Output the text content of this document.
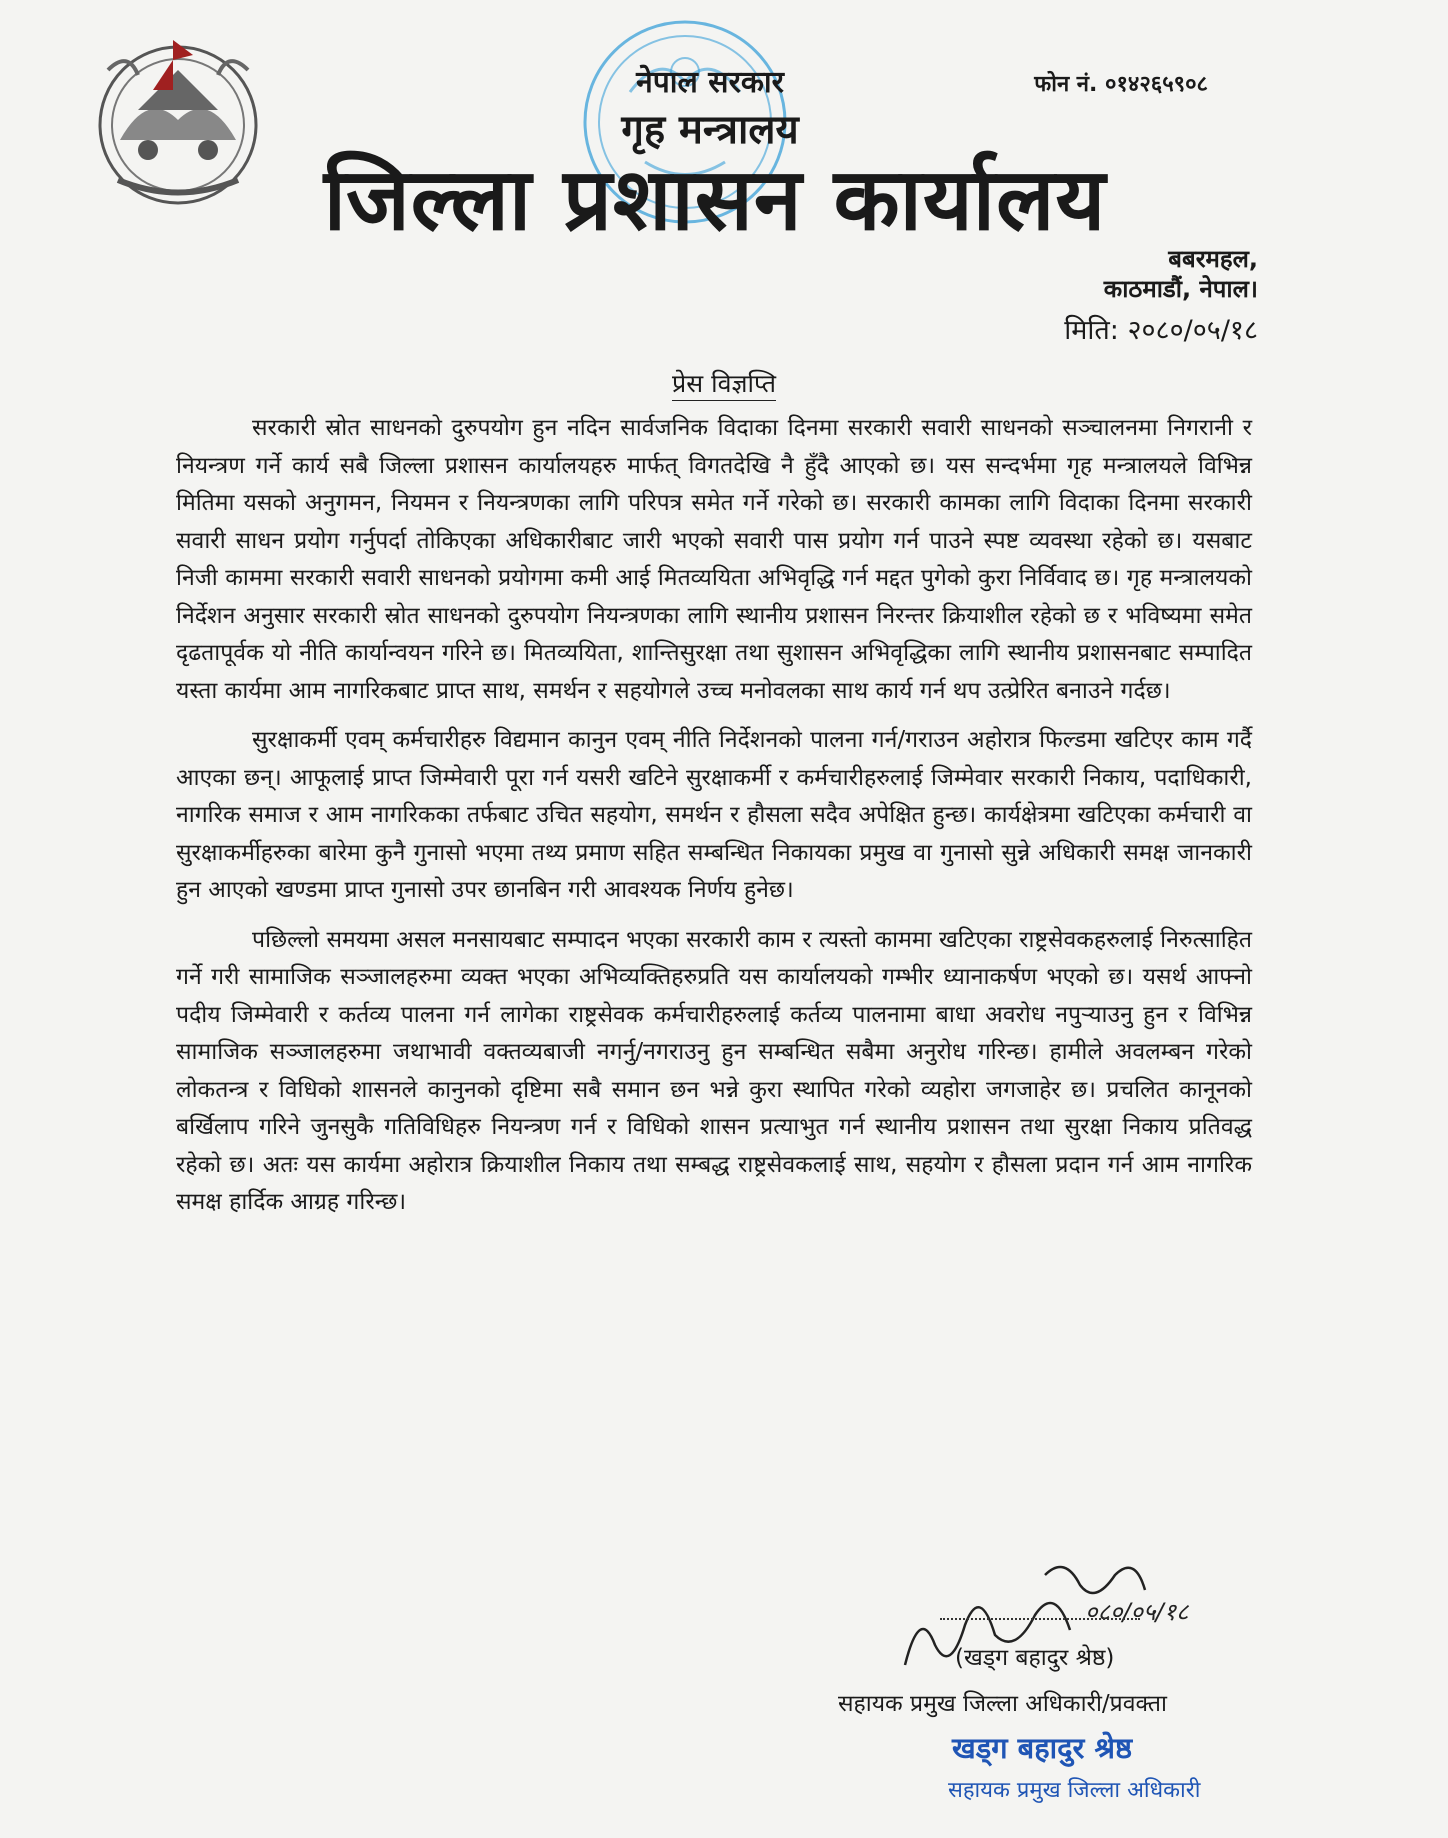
नेपाल सरकार
गृह मन्त्रालय
जिल्ला प्रशासन कार्यालय
फोन नं. ०१४२६५९०८
बबरमहल,
काठमाडौं, नेपाल।
मिति: २०८०/०५/१८
प्रेस विज्ञप्ति

सरकारी स्रोत साधनको दुरुपयोग हुन नदिन सार्वजनिक विदाका दिनमा सरकारी सवारी साधनको सञ्चालनमा निगरानी र नियन्त्रण गर्ने कार्य सबै जिल्ला प्रशासन कार्यालयहरु मार्फत् विगतदेखि नै हुँदै आएको छ। यस सन्दर्भमा गृह मन्त्रालयले विभिन्न मितिमा यसको अनुगमन, नियमन र नियन्त्रणका लागि परिपत्र समेत गर्ने गरेको छ। सरकारी कामका लागि विदाका दिनमा सरकारी सवारी साधन प्रयोग गर्नुपर्दा तोकिएका अधिकारीबाट जारी भएको सवारी पास प्रयोग गर्न पाउने स्पष्ट व्यवस्था रहेको छ। यसबाट निजी काममा सरकारी सवारी साधनको प्रयोगमा कमी आई मितव्ययिता अभिवृद्धि गर्न मद्दत पुगेको कुरा निर्विवाद छ। गृह मन्त्रालयको निर्देशन अनुसार सरकारी स्रोत साधनको दुरुपयोग नियन्त्रणका लागि स्थानीय प्रशासन निरन्तर क्रियाशील रहेको छ र भविष्यमा समेत दृढतापूर्वक यो नीति कार्यान्वयन गरिने छ। मितव्ययिता, शान्तिसुरक्षा तथा सुशासन अभिवृद्धिका लागि स्थानीय प्रशासनबाट सम्पादित यस्ता कार्यमा आम नागरिकबाट प्राप्त साथ, समर्थन र सहयोगले उच्च मनोवलका साथ कार्य गर्न थप उत्प्रेरित बनाउने गर्दछ।

सुरक्षाकर्मी एवम् कर्मचारीहरु विद्यमान कानुन एवम् नीति निर्देशनको पालना गर्न/गराउन अहोरात्र फिल्डमा खटिएर काम गर्दै आएका छन्। आफूलाई प्राप्त जिम्मेवारी पूरा गर्न यसरी खटिने सुरक्षाकर्मी र कर्मचारीहरुलाई जिम्मेवार सरकारी निकाय, पदाधिकारी, नागरिक समाज र आम नागरिकका तर्फबाट उचित सहयोग, समर्थन र हौसला सदैव अपेक्षित हुन्छ। कार्यक्षेत्रमा खटिएका कर्मचारी वा सुरक्षाकर्मीहरुका बारेमा कुनै गुनासो भएमा तथ्य प्रमाण सहित सम्बन्धित निकायका प्रमुख वा गुनासो सुन्ने अधिकारी समक्ष जानकारी हुन आएको खण्डमा प्राप्त गुनासो उपर छानबिन गरी आवश्यक निर्णय हुनेछ।

पछिल्लो समयमा असल मनसायबाट सम्पादन भएका सरकारी काम र त्यस्तो काममा खटिएका राष्ट्रसेवकहरुलाई निरुत्साहित गर्ने गरी सामाजिक सञ्जालहरुमा व्यक्त भएका अभिव्यक्तिहरुप्रति यस कार्यालयको गम्भीर ध्यानाकर्षण भएको छ। यसर्थ आफ्नो पदीय जिम्मेवारी र कर्तव्य पालना गर्न लागेका राष्ट्रसेवक कर्मचारीहरुलाई कर्तव्य पालनामा बाधा अवरोध नपुर्‍याउनु हुन र विभिन्न सामाजिक सञ्जालहरुमा जथाभावी वक्तव्यबाजी नगर्नु/नगराउनु हुन सम्बन्धित सबैमा अनुरोध गरिन्छ। हामीले अवलम्बन गरेको लोकतन्त्र र विधिको शासनले कानुनको दृष्टिमा सबै समान छन भन्ने कुरा स्थापित गरेको व्यहोरा जगजाहेर छ। प्रचलित कानूनको बर्खिलाप गरिने जुनसुकै गतिविधिहरु नियन्त्रण गर्न र विधिको शासन प्रत्याभुत गर्न स्थानीय प्रशासन तथा सुरक्षा निकाय प्रतिवद्ध रहेको छ। अतः यस कार्यमा अहोरात्र क्रियाशील निकाय तथा सम्बद्ध राष्ट्रसेवकलाई साथ, सहयोग र हौसला प्रदान गर्न आम नागरिक समक्ष हार्दिक आग्रह गरिन्छ।

०८०/०५/१८
(खड्ग बहादुर श्रेष्ठ)
सहायक प्रमुख जिल्ला अधिकारी/प्रवक्ता
खड्ग बहादुर श्रेष्ठ
सहायक प्रमुख जिल्ला अधिकारी
